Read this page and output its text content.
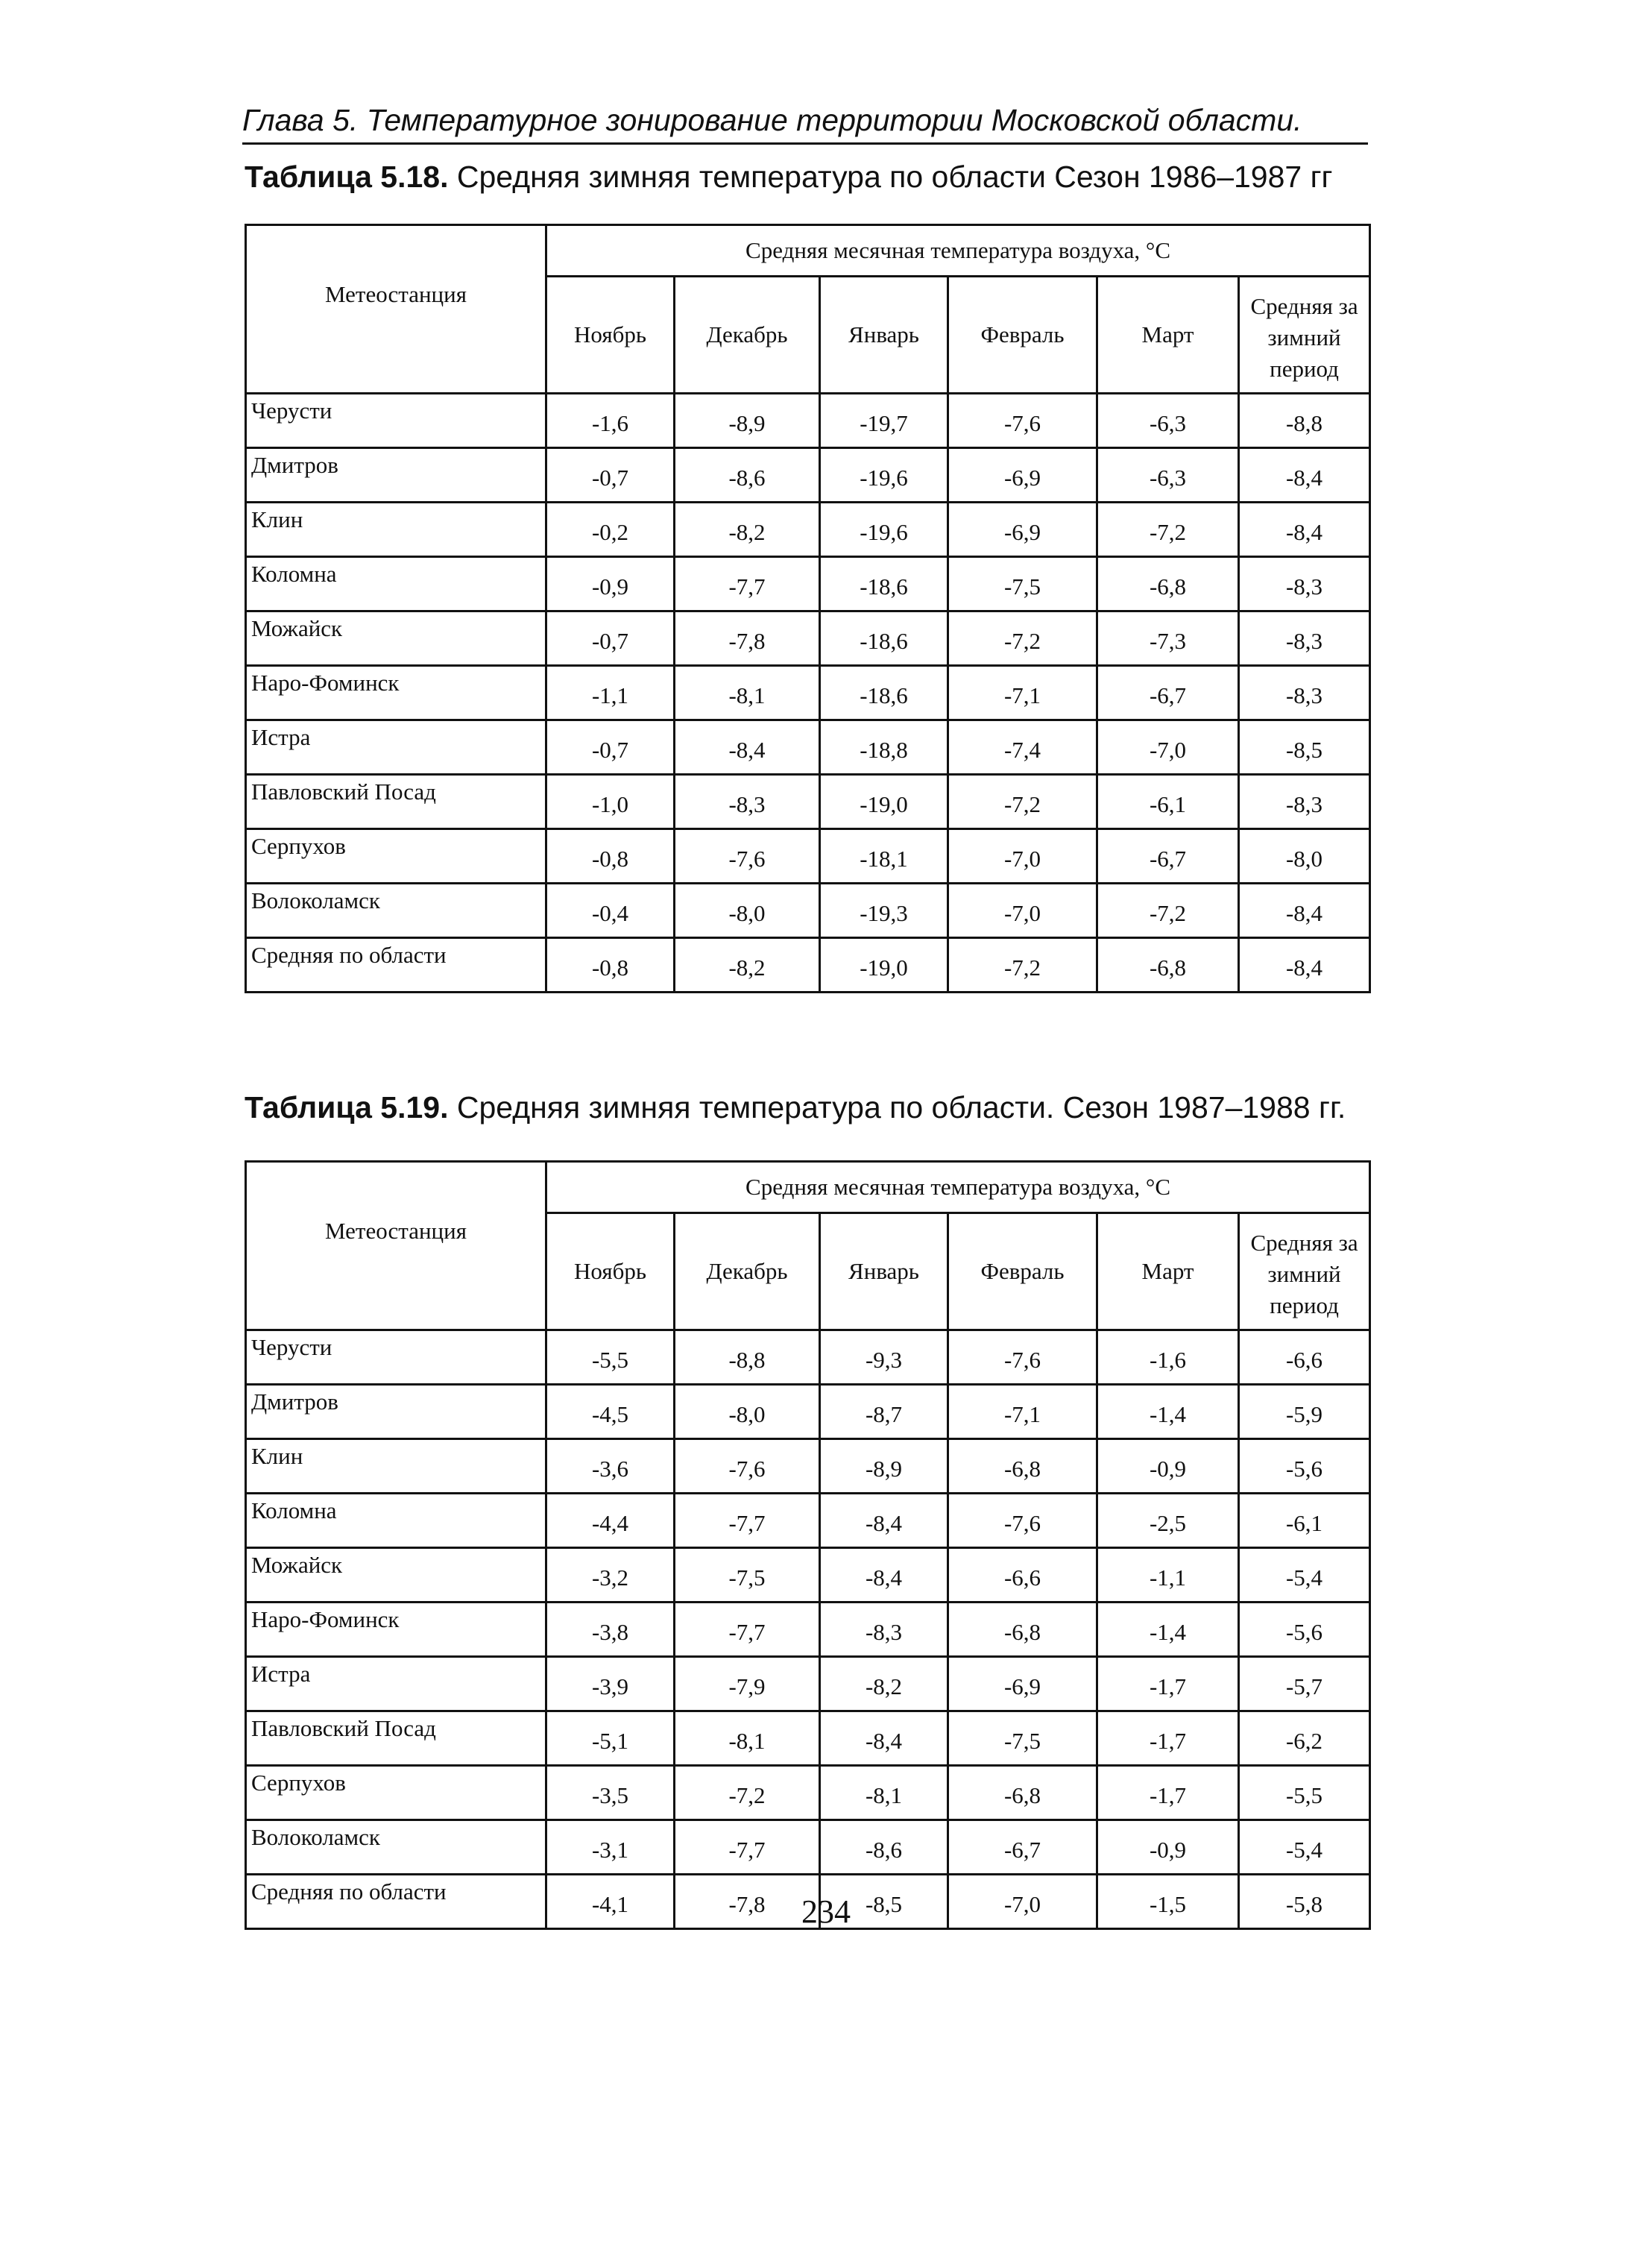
Глава 5. Температурное зонирование территории Московской области.
Таблица 5.18. Средняя зимняя температура по области Сезон 1986–1987 гг
Метеостанция	Средняя месячная температура воздуха, °С					
	Ноябрь	Декабрь	Январь	Февраль	Март	Средняя за зимний период
Черусти	-1,6	-8,9	-19,7	-7,6	-6,3	-8,8
Дмитров	-0,7	-8,6	-19,6	-6,9	-6,3	-8,4
Клин	-0,2	-8,2	-19,6	-6,9	-7,2	-8,4
Коломна	-0,9	-7,7	-18,6	-7,5	-6,8	-8,3
Можайск	-0,7	-7,8	-18,6	-7,2	-7,3	-8,3
Наро-Фоминск	-1,1	-8,1	-18,6	-7,1	-6,7	-8,3
Истра	-0,7	-8,4	-18,8	-7,4	-7,0	-8,5
Павловский Посад	-1,0	-8,3	-19,0	-7,2	-6,1	-8,3
Серпухов	-0,8	-7,6	-18,1	-7,0	-6,7	-8,0
Волоколамск	-0,4	-8,0	-19,3	-7,0	-7,2	-8,4
Средняя по области	-0,8	-8,2	-19,0	-7,2	-6,8	-8,4
Таблица 5.19. Средняя зимняя температура по области. Сезон 1987–1988 гг.
Метеостанция	Средняя месячная температура воздуха, °С					
	Ноябрь	Декабрь	Январь	Февраль	Март	Средняя за зимний период
Черусти	-5,5	-8,8	-9,3	-7,6	-1,6	-6,6
Дмитров	-4,5	-8,0	-8,7	-7,1	-1,4	-5,9
Клин	-3,6	-7,6	-8,9	-6,8	-0,9	-5,6
Коломна	-4,4	-7,7	-8,4	-7,6	-2,5	-6,1
Можайск	-3,2	-7,5	-8,4	-6,6	-1,1	-5,4
Наро-Фоминск	-3,8	-7,7	-8,3	-6,8	-1,4	-5,6
Истра	-3,9	-7,9	-8,2	-6,9	-1,7	-5,7
Павловский Посад	-5,1	-8,1	-8,4	-7,5	-1,7	-6,2
Серпухов	-3,5	-7,2	-8,1	-6,8	-1,7	-5,5
Волоколамск	-3,1	-7,7	-8,6	-6,7	-0,9	-5,4
Средняя по области	-4,1	-7,8	-8,5	-7,0	-1,5	-5,8
234
